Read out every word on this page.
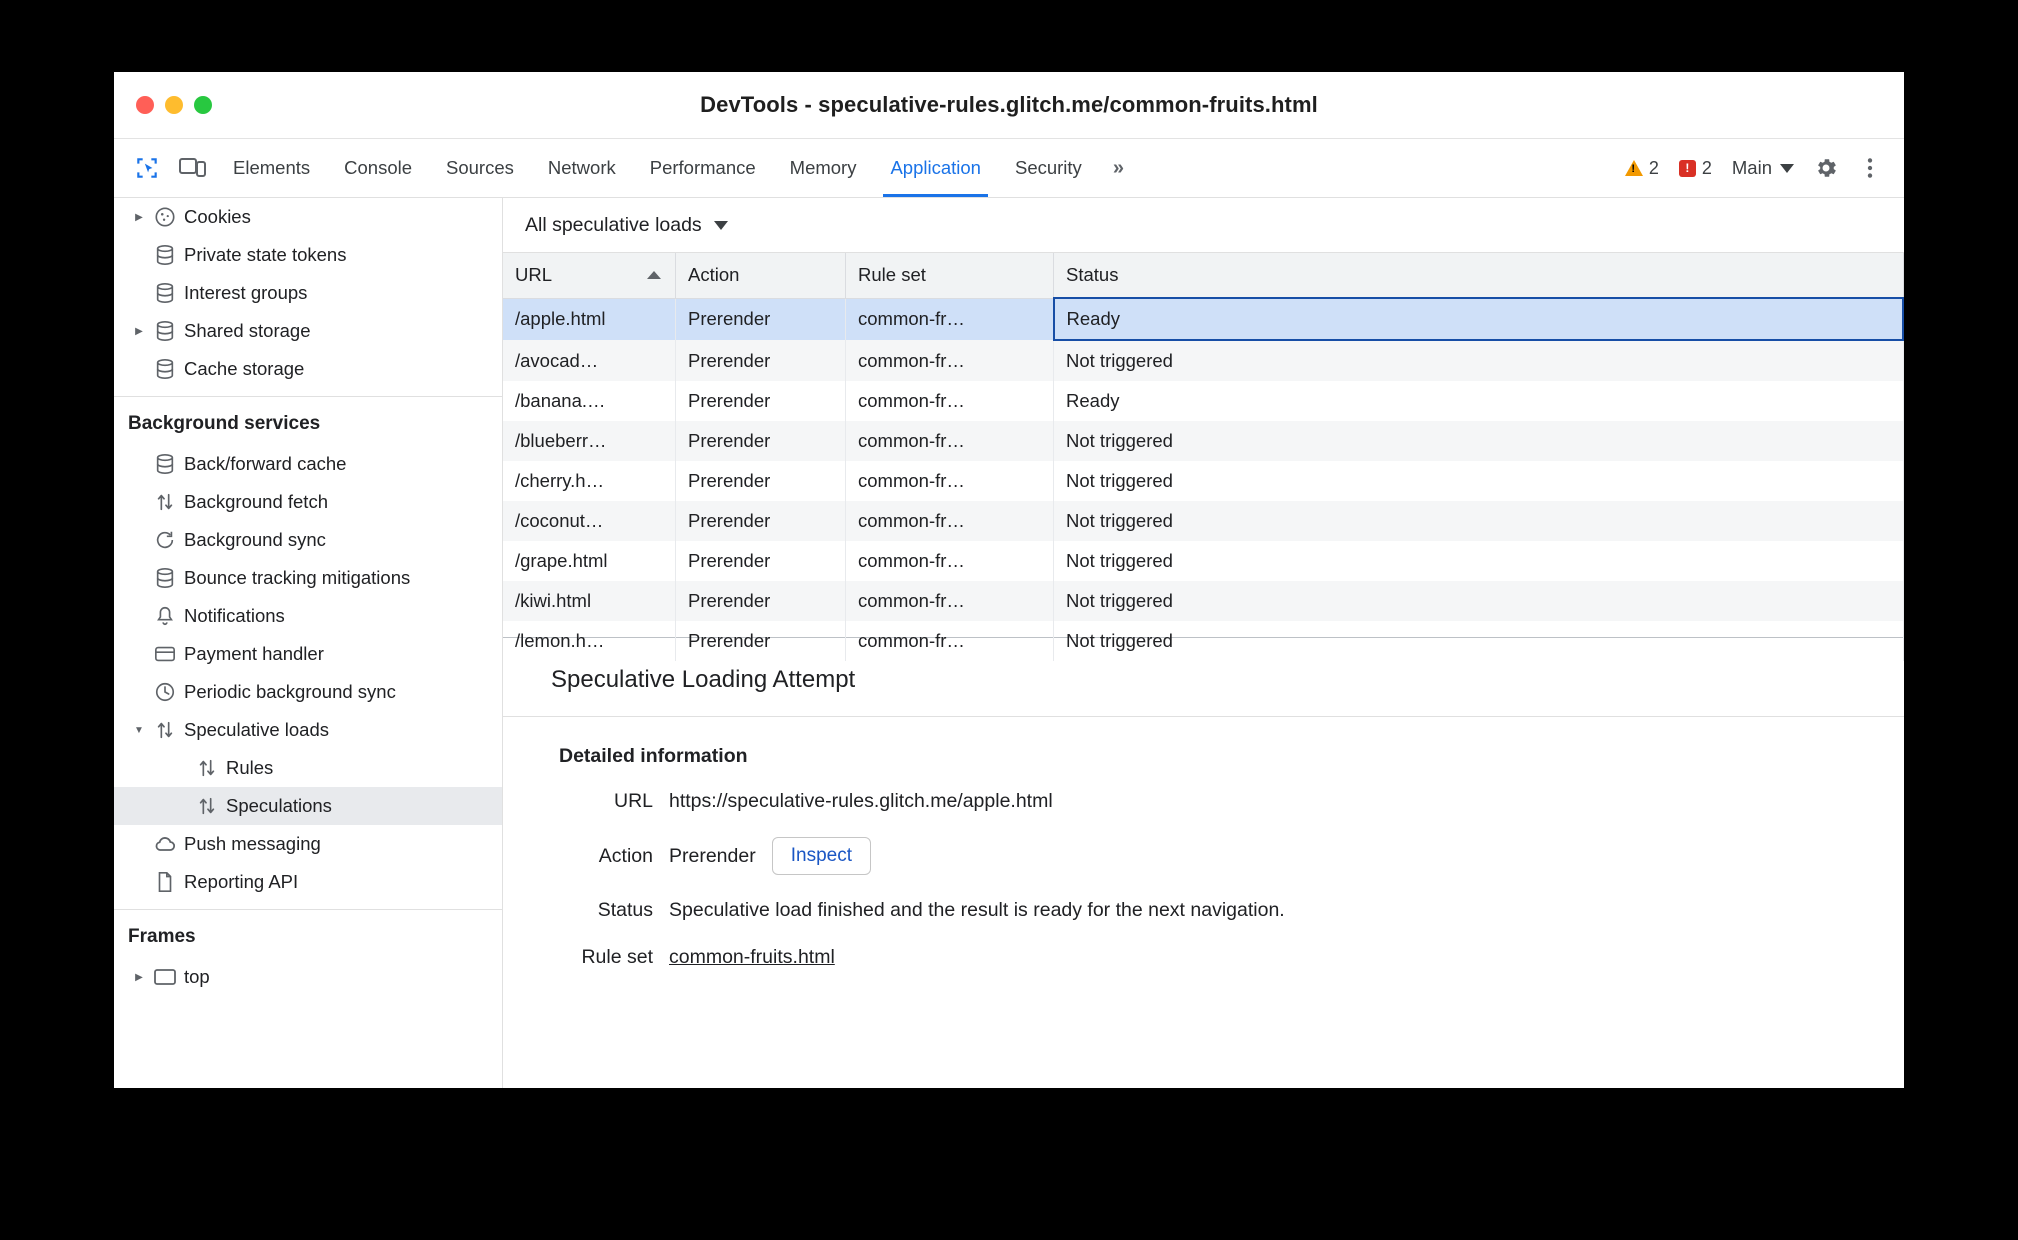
DevTools - speculative-rules.glitch.me/common-fruits.html
Elements	Console	Sources	Network	Performance	Memory	Application	Security	» !	2	! 2 Main
▶	Cookies
Private state tokens
Interest groups
▶	Shared storage
Cache storage
Background services
Back/forward cache
Background fetch
Background sync
Bounce tracking mitigations
Notifications
Payment handler
Periodic background sync
▼	Speculative loads
Rules
Speculations
Push messaging
Reporting API
Frames
▶	top
All speculative loads
URL	Action	Rule set	Status
/apple.html	Prerender	common-fr…	Ready
/avocad…	Prerender	common-fr…	Not triggered
/banana.…	Prerender	common-fr…	Ready
/blueberr…	Prerender	common-fr…	Not triggered
/cherry.h…	Prerender	common-fr…	Not triggered
/coconut…	Prerender	common-fr…	Not triggered
/grape.html	Prerender	common-fr…	Not triggered
/kiwi.html	Prerender	common-fr…	Not triggered
/lemon.h…	Prerender	common-fr…	Not triggered
Speculative Loading Attempt
Detailed information
URL https://speculative-rules.glitch.me/apple.html
Action Prerender	Inspect
Status Speculative load finished and the result is ready for the next navigation.
Rule set common-fruits.html
